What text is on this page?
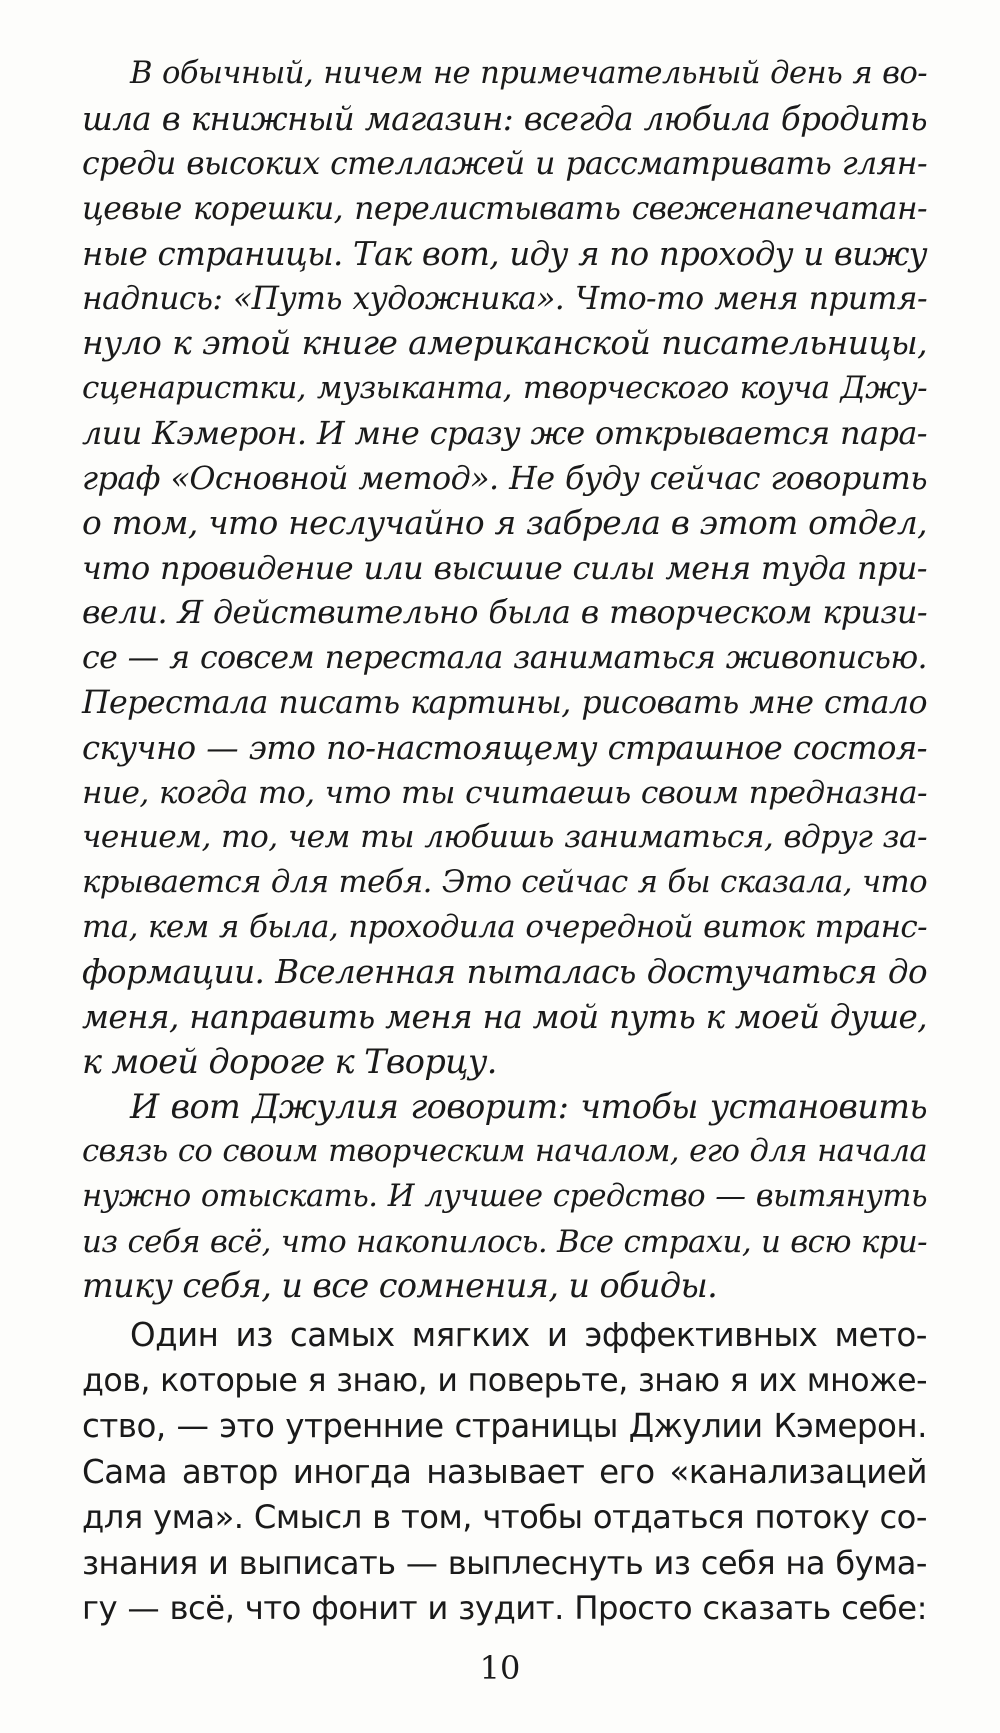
В обычный, ничем не примечательный день я во-
шла в книжный магазин: всегда любила бродить
среди высоких стеллажей и рассматривать глян-
цевые корешки, перелистывать свеженапечатан-
ные страницы. Так вот, иду я по проходу и вижу
надпись: «Путь художника». Что-то меня притя-
нуло к этой книге американской писательницы,
сценаристки, музыканта, творческого коуча Джу-
лии Кэмерон. И мне сразу же открывается пара-
граф «Основной метод». Не буду сейчас говорить
о том, что неслучайно я забрела в этот отдел,
что провидение или высшие силы меня туда при-
вели. Я действительно была в творческом кризи-
се — я совсем перестала заниматься живописью.
Перестала писать картины, рисовать мне стало
скучно — это по-настоящему страшное состоя-
ние, когда то, что ты считаешь своим предназна-
чением, то, чем ты любишь заниматься, вдруг за-
крывается для тебя. Это сейчас я бы сказала, что
та, кем я была, проходила очередной виток транс-
формации. Вселенная пыталась достучаться до
меня, направить меня на мой путь к моей душе,
к моей дороге к Творцу.
И вот Джулия говорит: чтобы установить
связь со своим творческим началом, его для начала
нужно отыскать. И лучшее средство — вытянуть
из себя всё, что накопилось. Все страхи, и всю кри-
тику себя, и все сомнения, и обиды.
Один из самых мягких и эффективных мето-
дов, которые я знаю, и поверьте, знаю я их множе-
ство, — это утренние страницы Джулии Кэмерон.
Сама автор иногда называет его «канализацией
для ума». Смысл в том, чтобы отдаться потоку со-
знания и выписать — выплеснуть из себя на бума-
гу — всё, что фонит и зудит. Просто сказать себе:
10
